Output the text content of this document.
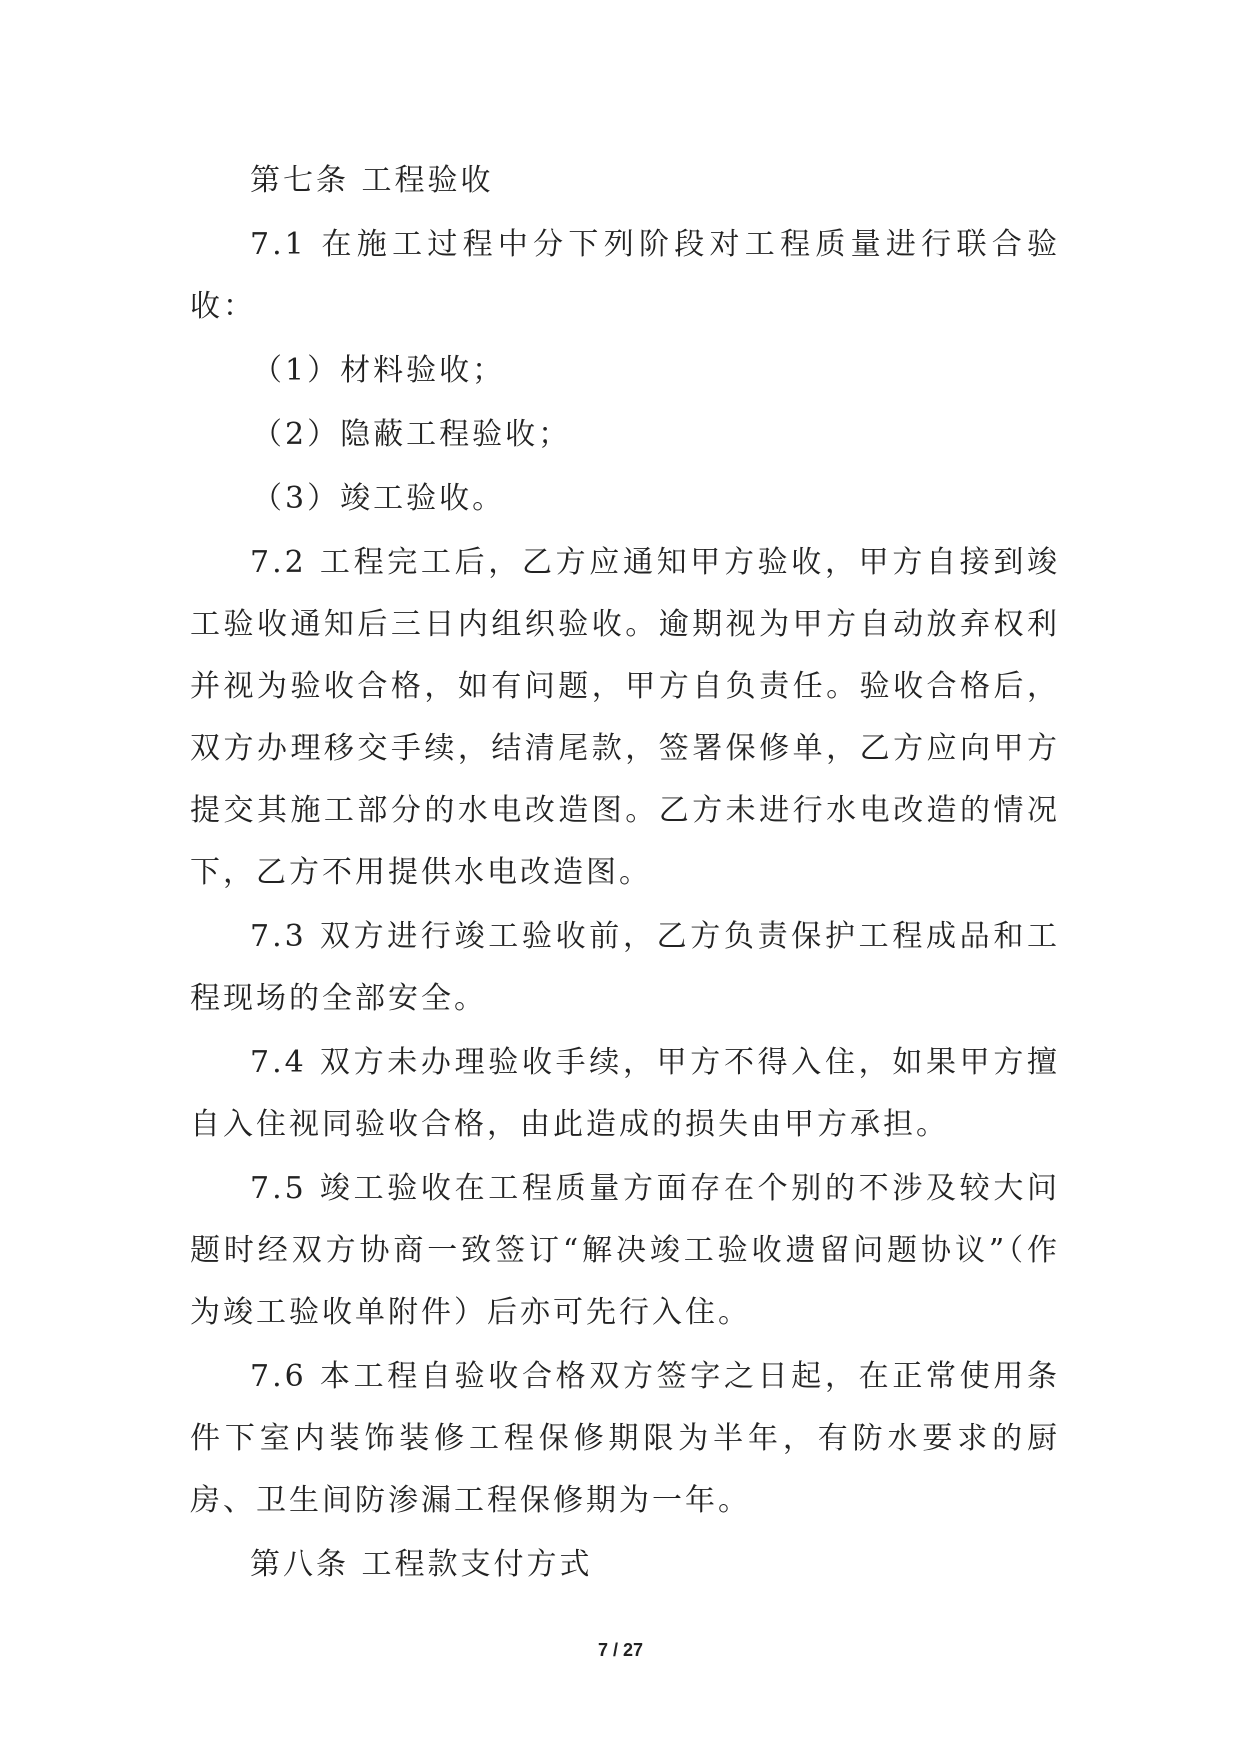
第七条 工程验收

7.1 在施工过程中分下列阶段对工程质量进行联合验收：

（1）材料验收；

（2）隐蔽工程验收；

（3）竣工验收。

7.2 工程完工后，乙方应通知甲方验收，甲方自接到竣工验收通知后三日内组织验收。逾期视为甲方自动放弃权利并视为验收合格，如有问题，甲方自负责任。验收合格后，双方办理移交手续，结清尾款，签署保修单，乙方应向甲方提交其施工部分的水电改造图。乙方未进行水电改造的情况下，乙方不用提供水电改造图。

7.3 双方进行竣工验收前，乙方负责保护工程成品和工程现场的全部安全。

7.4 双方未办理验收手续，甲方不得入住，如果甲方擅自入住视同验收合格，由此造成的损失由甲方承担。

7.5 竣工验收在工程质量方面存在个别的不涉及较大问题时经双方协商一致签订“解决竣工验收遗留问题协议”（作为竣工验收单附件）后亦可先行入住。

7.6 本工程自验收合格双方签字之日起，在正常使用条件下室内装饰装修工程保修期限为半年，有防水要求的厨房、卫生间防渗漏工程保修期为一年。

第八条 工程款支付方式

7 / 27
